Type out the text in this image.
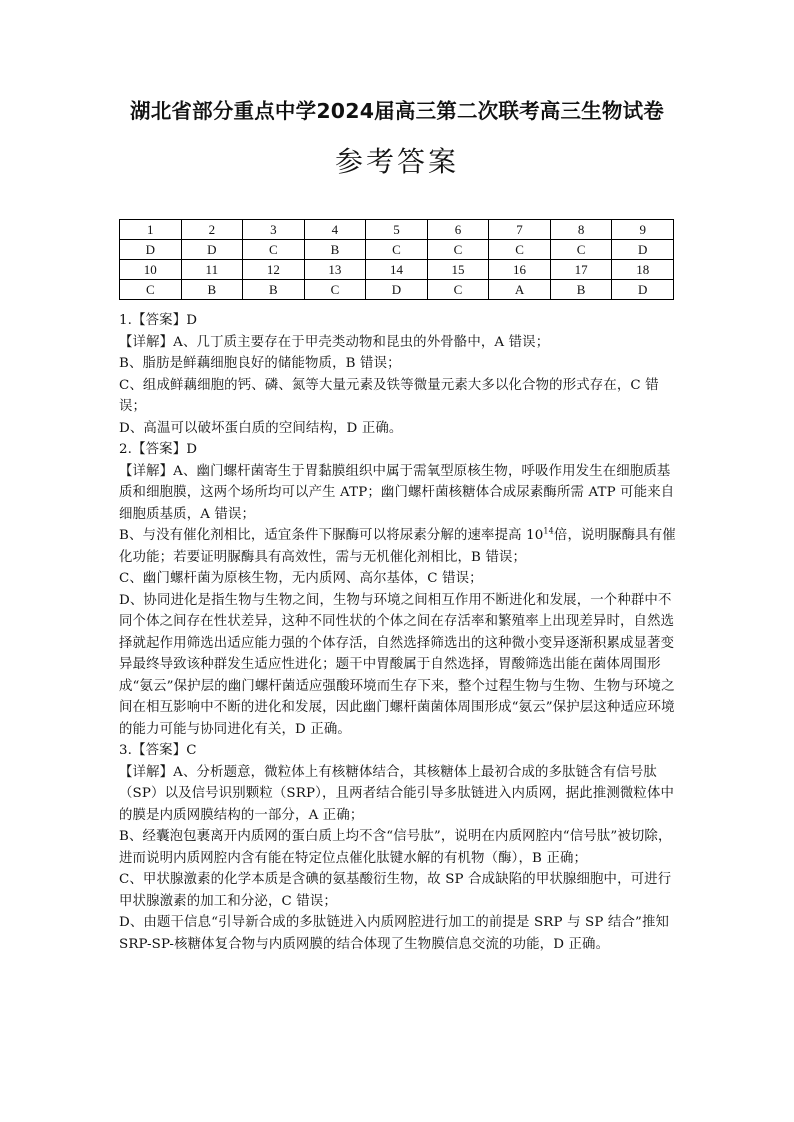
湖北省部分重点中学2024届高三第二次联考高三生物试卷
参考答案
1	2	3	4	5	6	7	8	9
D	D	C	B	C	C	C	C	D
10	11	12	13	14	15	16	17	18
C	B	B	C	D	C	A	B	D

1.【答案】D

【详解】A、几丁质主要存在于甲壳类动物和昆虫的外骨骼中，A 错误；

B、脂肪是鲜藕细胞良好的储能物质，B 错误；

C、组成鲜藕细胞的钙、磷、氮等大量元素及铁等微量元素大多以化合物的形式存在，C 错误；

D、高温可以破坏蛋白质的空间结构，D 正确。

2.【答案】D

【详解】A、幽门螺杆菌寄生于胃黏膜组织中属于需氧型原核生物，呼吸作用发生在细胞质基质和细胞膜，这两个场所均可以产生 ATP；幽门螺杆菌核糖体合成尿素酶所需 ATP 可能来自细胞质基质，A 错误；

B、与没有催化剂相比，适宜条件下脲酶可以将尿素分解的速率提高 $10^{14}$倍，说明脲酶具有催化功能；若要证明脲酶具有高效性，需与无机催化剂相比，B 错误；

C、幽门螺杆菌为原核生物，无内质网、高尔基体，C 错误；

D、协同进化是指生物与生物之间，生物与环境之间相互作用不断进化和发展，一个种群中不同个体之间存在性状差异，这种不同性状的个体之间在存活率和繁殖率上出现差异时，自然选择就起作用筛选出适应能力强的个体存活，自然选择筛选出的这种微小变异逐渐积累成显著变异最终导致该种群发生适应性进化；题干中胃酸属于自然选择，胃酸筛选出能在菌体周围形成“氨云”保护层的幽门螺杆菌适应强酸环境而生存下来，整个过程生物与生物、生物与环境之间在相互影响中不断的进化和发展，因此幽门螺杆菌菌体周围形成“氨云”保护层这种适应环境的能力可能与协同进化有关，D 正确。

3.【答案】C

【详解】A、分析题意，微粒体上有核糖体结合，其核糖体上最初合成的多肽链含有信号肽（SP）以及信号识别颗粒（SRP），且两者结合能引导多肽链进入内质网，据此推测微粒体中的膜是内质网膜结构的一部分，A 正确；

B、经囊泡包裹离开内质网的蛋白质上均不含“信号肽”，说明在内质网腔内“信号肽”被切除，进而说明内质网腔内含有能在特定位点催化肽键水解的有机物（酶），B 正确；

C、甲状腺激素的化学本质是含碘的氨基酸衍生物，故 SP 合成缺陷的甲状腺细胞中，可进行甲状腺激素的加工和分泌，C 错误；

D、由题干信息“引导新合成的多肽链进入内质网腔进行加工的前提是 SRP 与 SP 结合”推知 SRP-SP-核糖体复合物与内质网膜的结合体现了生物膜信息交流的功能，D 正确。
